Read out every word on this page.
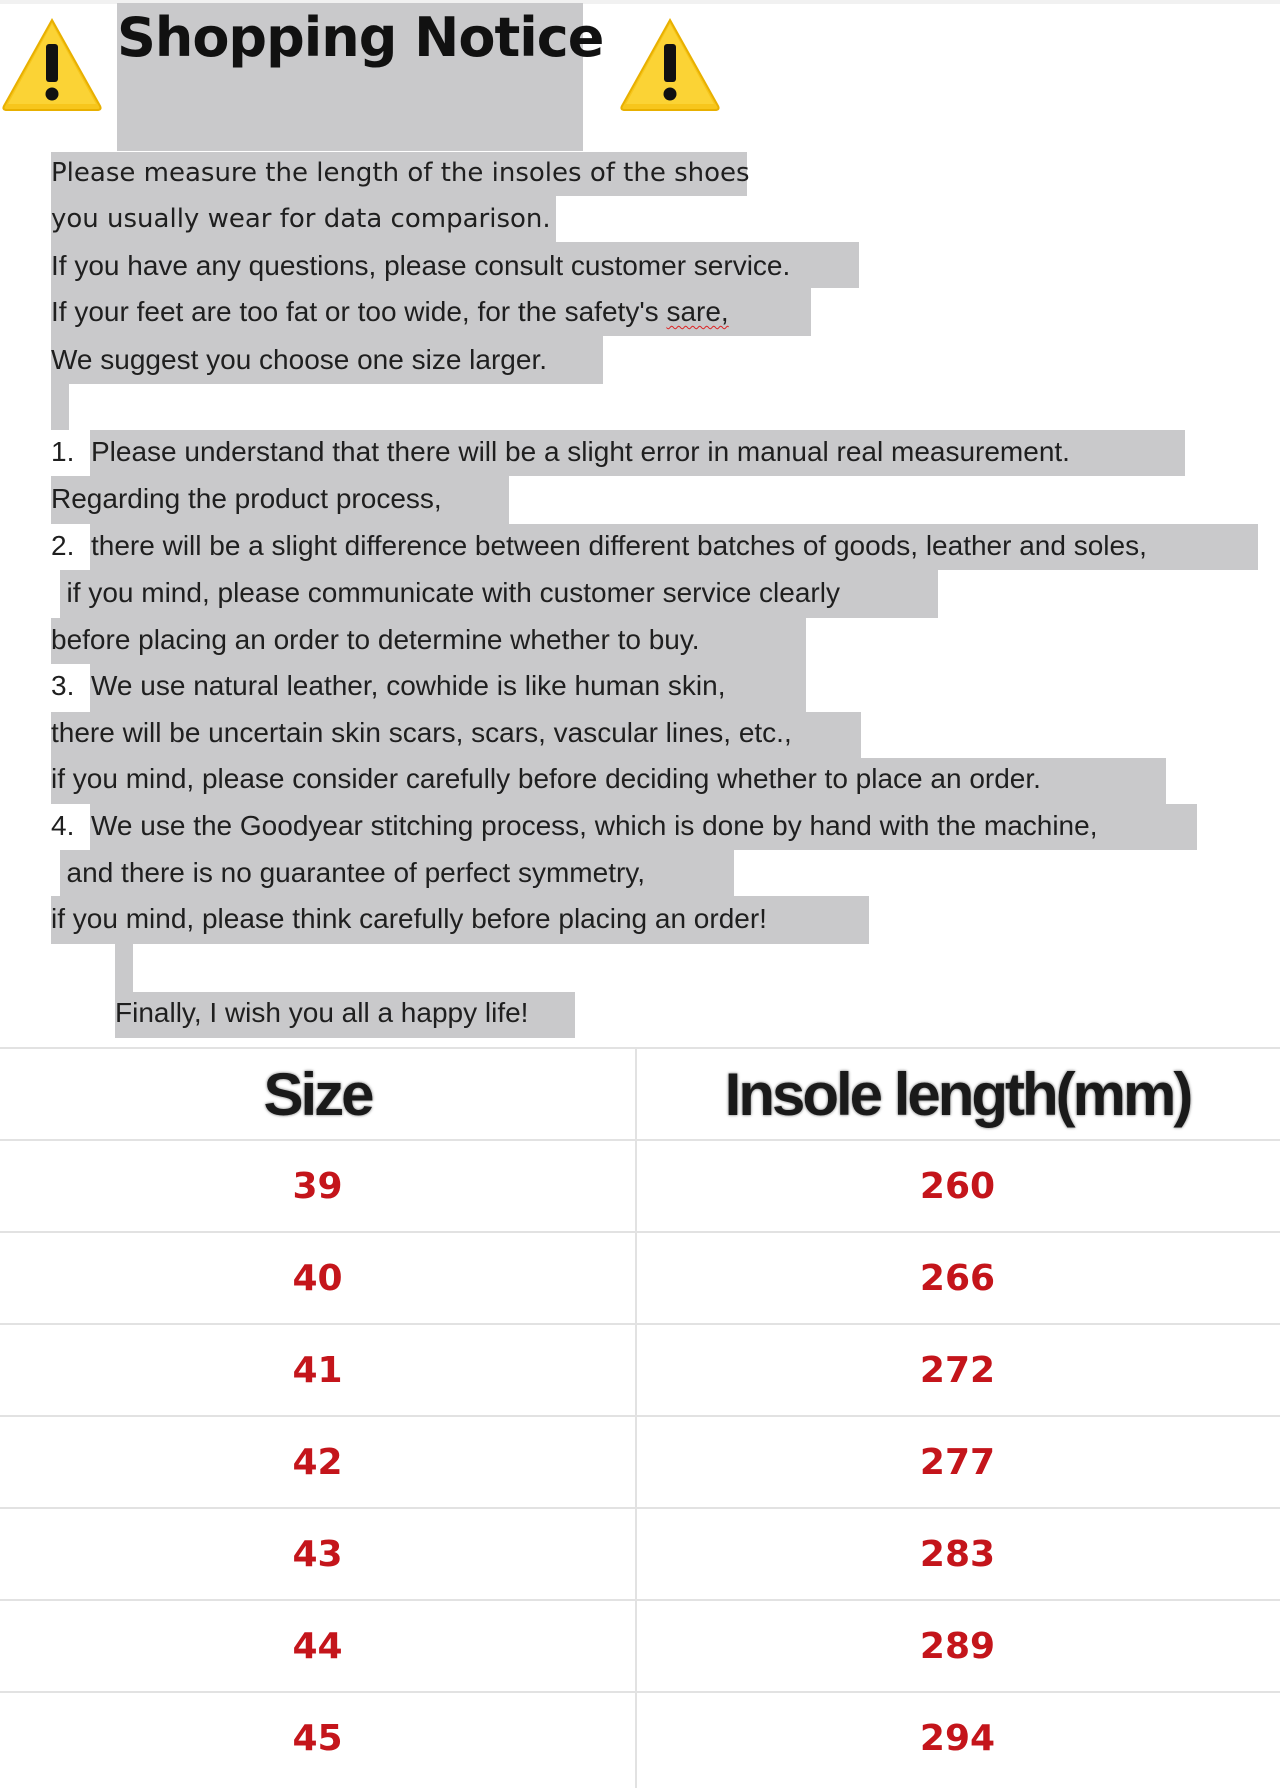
Shopping Notice
Please measure the length of the insoles of the shoes
you usually wear for data comparison.
If you have any questions, please consult customer service.
If your feet are too fat or too wide, for the safety's sare,
We suggest you choose one size larger.
1. Please understand that there will be a slight error in manual real measurement.
Regarding the product process,
2. there will be a slight difference between different batches of goods, leather and soles,
if you mind, please communicate with customer service clearly
before placing an order to determine whether to buy.
3. We use natural leather, cowhide is like human skin,
there will be uncertain skin scars, scars, vascular lines, etc.,
if you mind, please consider carefully before deciding whether to place an order.
4. We use the Goodyear stitching process, which is done by hand with the machine,
and there is no guarantee of perfect symmetry,
if you mind, please think carefully before placing an order!
Finally, I wish you all a happy life!
Size	Insole length(mm)
39	260
40	266
41	272
42	277
43	283
44	289
45	294
